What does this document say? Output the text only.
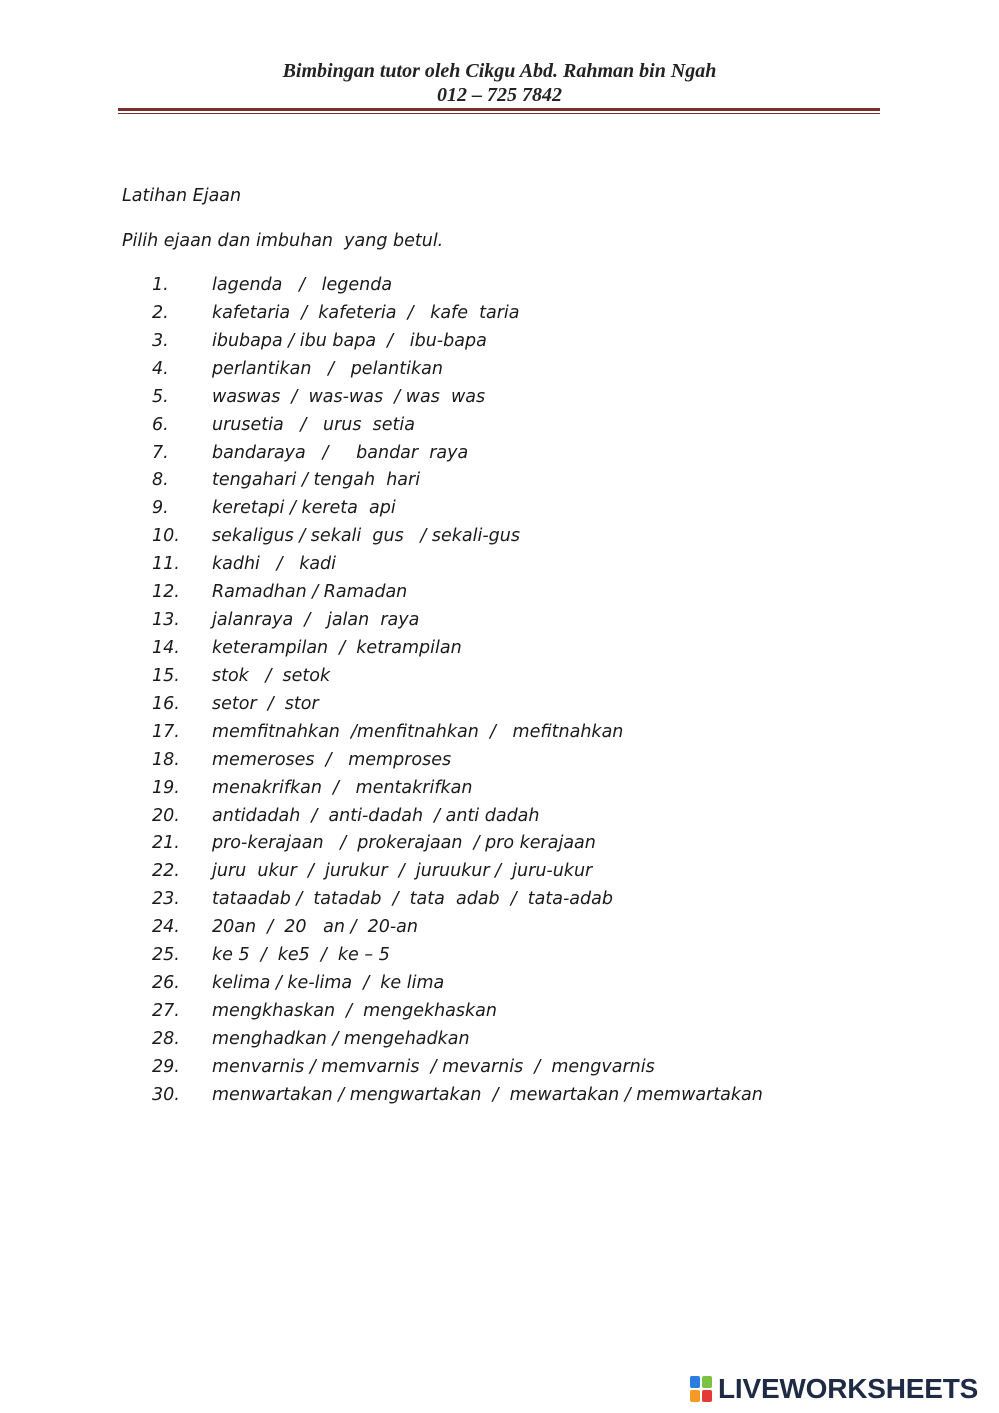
Bimbingan tutor oleh Cikgu Abd. Rahman bin Ngah
012 – 725 7842
Latihan Ejaan
Pilih ejaan dan imbuhan  yang betul.
1.	lagenda   /   legenda
2.	kafetaria  /  kafeteria  /   kafe  taria
3.	ibubapa / ibu bapa  /   ibu-bapa
4.	perlantikan   /   pelantikan
5.	waswas  /  was-was  / was  was
6.	urusetia   /   urus  setia
7.	bandaraya   /     bandar  raya
8.	tengahari / tengah  hari
9.	keretapi / kereta  api
10.	sekaligus / sekali  gus   / sekali-gus
11.	kadhi   /   kadi
12.	Ramadhan / Ramadan
13.	jalanraya  /   jalan  raya
14.	keterampilan  /  ketrampilan
15.	stok   /  setok
16.	setor  /  stor
17.	memfitnahkan  /menfitnahkan  /   mefitnahkan
18.	memeroses  /   memproses
19.	menakrifkan  /   mentakrifkan
20.	antidadah  /  anti-dadah  / anti dadah
21.	pro-kerajaan   /  prokerajaan  / pro kerajaan
22.	juru  ukur  /  jurukur  /  juruukur /  juru-ukur
23.	tataadab /  tatadab  /  tata  adab  /  tata-adab
24.	20an  /  20   an /  20-an
25.	ke 5  /  ke5  /  ke – 5
26.	kelima / ke-lima  /  ke lima
27.	mengkhaskan  /  mengekhaskan
28.	menghadkan / mengehadkan
29.	menvarnis / memvarnis  / mevarnis  /  mengvarnis
30.	menwartakan / mengwartakan  /  mewartakan / memwartakan
LIVEWORKSHEETS
